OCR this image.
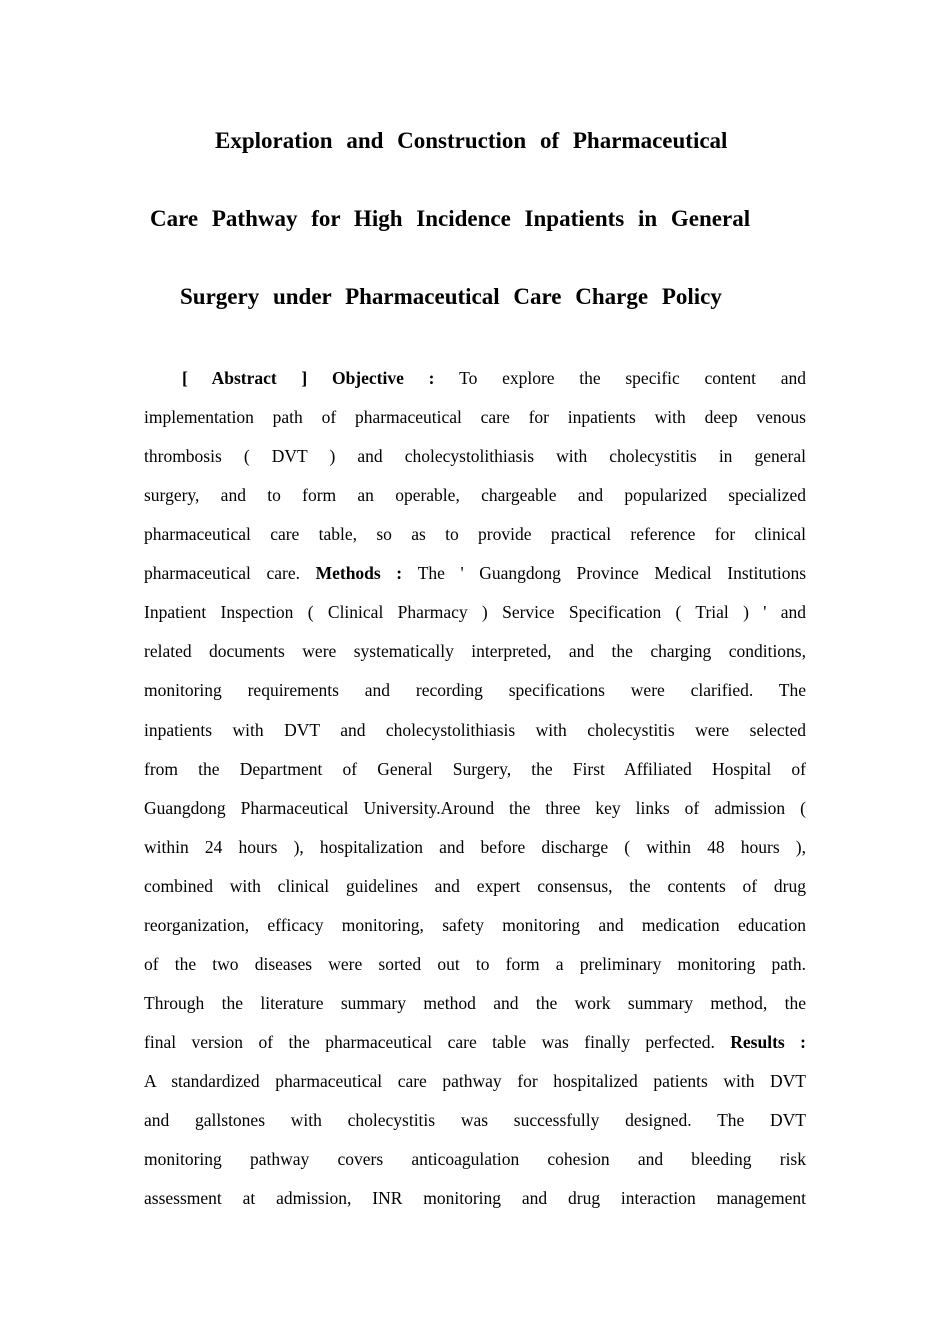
Exploration and Construction of Pharmaceutical
Care Pathway for High Incidence Inpatients in General
Surgery under Pharmaceutical Care Charge Policy
[ Abstract ] Objective : To explore the specific content and
implementation path of pharmaceutical care for inpatients with deep venous
thrombosis ( DVT ) and cholecystolithiasis with cholecystitis in general
surgery, and to form an operable, chargeable and popularized specialized
pharmaceutical care table, so as to provide practical reference for clinical
pharmaceutical care. Methods : The ' Guangdong Province Medical Institutions
Inpatient Inspection ( Clinical Pharmacy ) Service Specification ( Trial ) ' and
related documents were systematically interpreted, and the charging conditions,
monitoring requirements and recording specifications were clarified. The
inpatients with DVT and cholecystolithiasis with cholecystitis were selected
from the Department of General Surgery, the First Affiliated Hospital of
Guangdong Pharmaceutical University.Around the three key links of admission (
within 24 hours ), hospitalization and before discharge ( within 48 hours ),
combined with clinical guidelines and expert consensus, the contents of drug
reorganization, efficacy monitoring, safety monitoring and medication education
of the two diseases were sorted out to form a preliminary monitoring path.
Through the literature summary method and the work summary method, the
final version of the pharmaceutical care table was finally perfected. Results :
A standardized pharmaceutical care pathway for hospitalized patients with DVT
and gallstones with cholecystitis was successfully designed. The DVT
monitoring pathway covers anticoagulation cohesion and bleeding risk
assessment at admission, INR monitoring and drug interaction management
